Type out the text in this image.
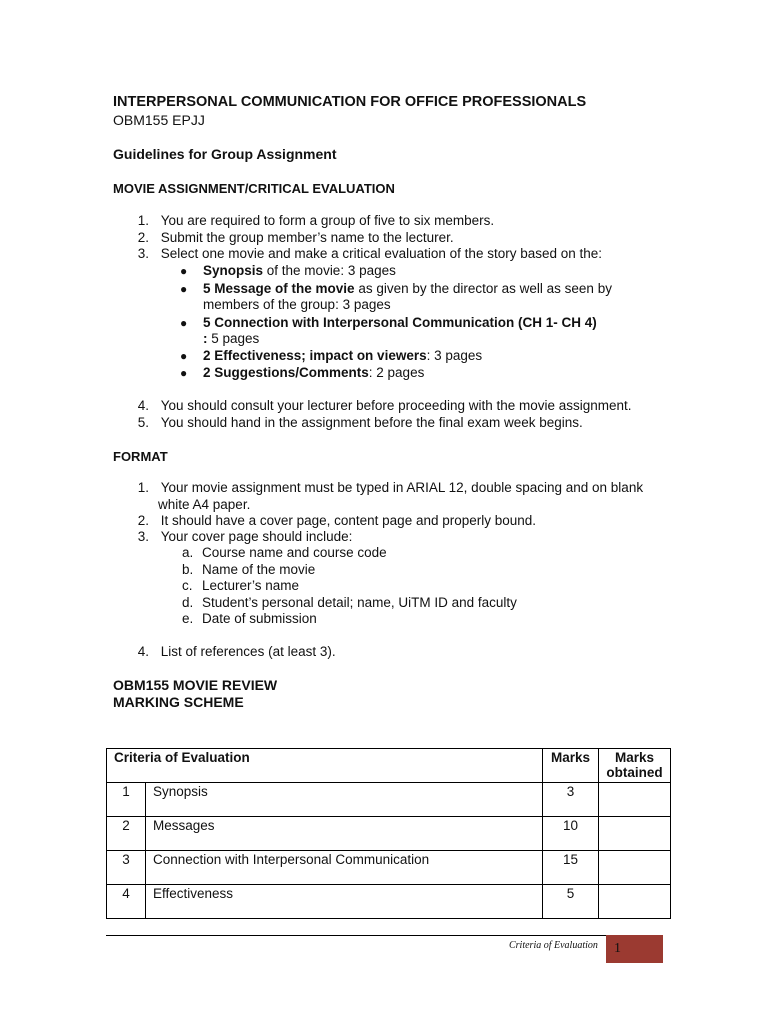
INTERPERSONAL COMMUNICATION FOR OFFICE PROFESSIONALS
OBM155 EPJJ
Guidelines for Group Assignment
MOVIE ASSIGNMENT/CRITICAL EVALUATION
1. You are required to form a group of five to six members.
2. Submit the group member’s name to the lecturer.
3. Select one movie and make a critical evaluation of the story based on the:
● Synopsis of the movie: 3 pages
● 5 Message of the movie as given by the director as well as seen by
members of the group: 3 pages
● 5 Connection with Interpersonal Communication (CH 1- CH 4)
: 5 pages
● 2 Effectiveness; impact on viewers: 3 pages
● 2 Suggestions/Comments: 2 pages
4. You should consult your lecturer before proceeding with the movie assignment.
5. You should hand in the assignment before the final exam week begins.
FORMAT
1. Your movie assignment must be typed in ARIAL 12, double spacing and on blank
white A4 paper.
2. It should have a cover page, content page and properly bound.
3. Your cover page should include:
a. Course name and course code
b. Name of the movie
c. Lecturer’s name
d. Student’s personal detail; name, UiTM ID and faculty
e. Date of submission
4. List of references (at least 3).
OBM155 MOVIE REVIEW
MARKING SCHEME
Criteria of Evaluation		Marks	Marks obtained
1	Synopsis	3	
2	Messages	10	
3	Connection with Interpersonal Communication	15	
4	Effectiveness	5	
Criteria of Evaluation 1
